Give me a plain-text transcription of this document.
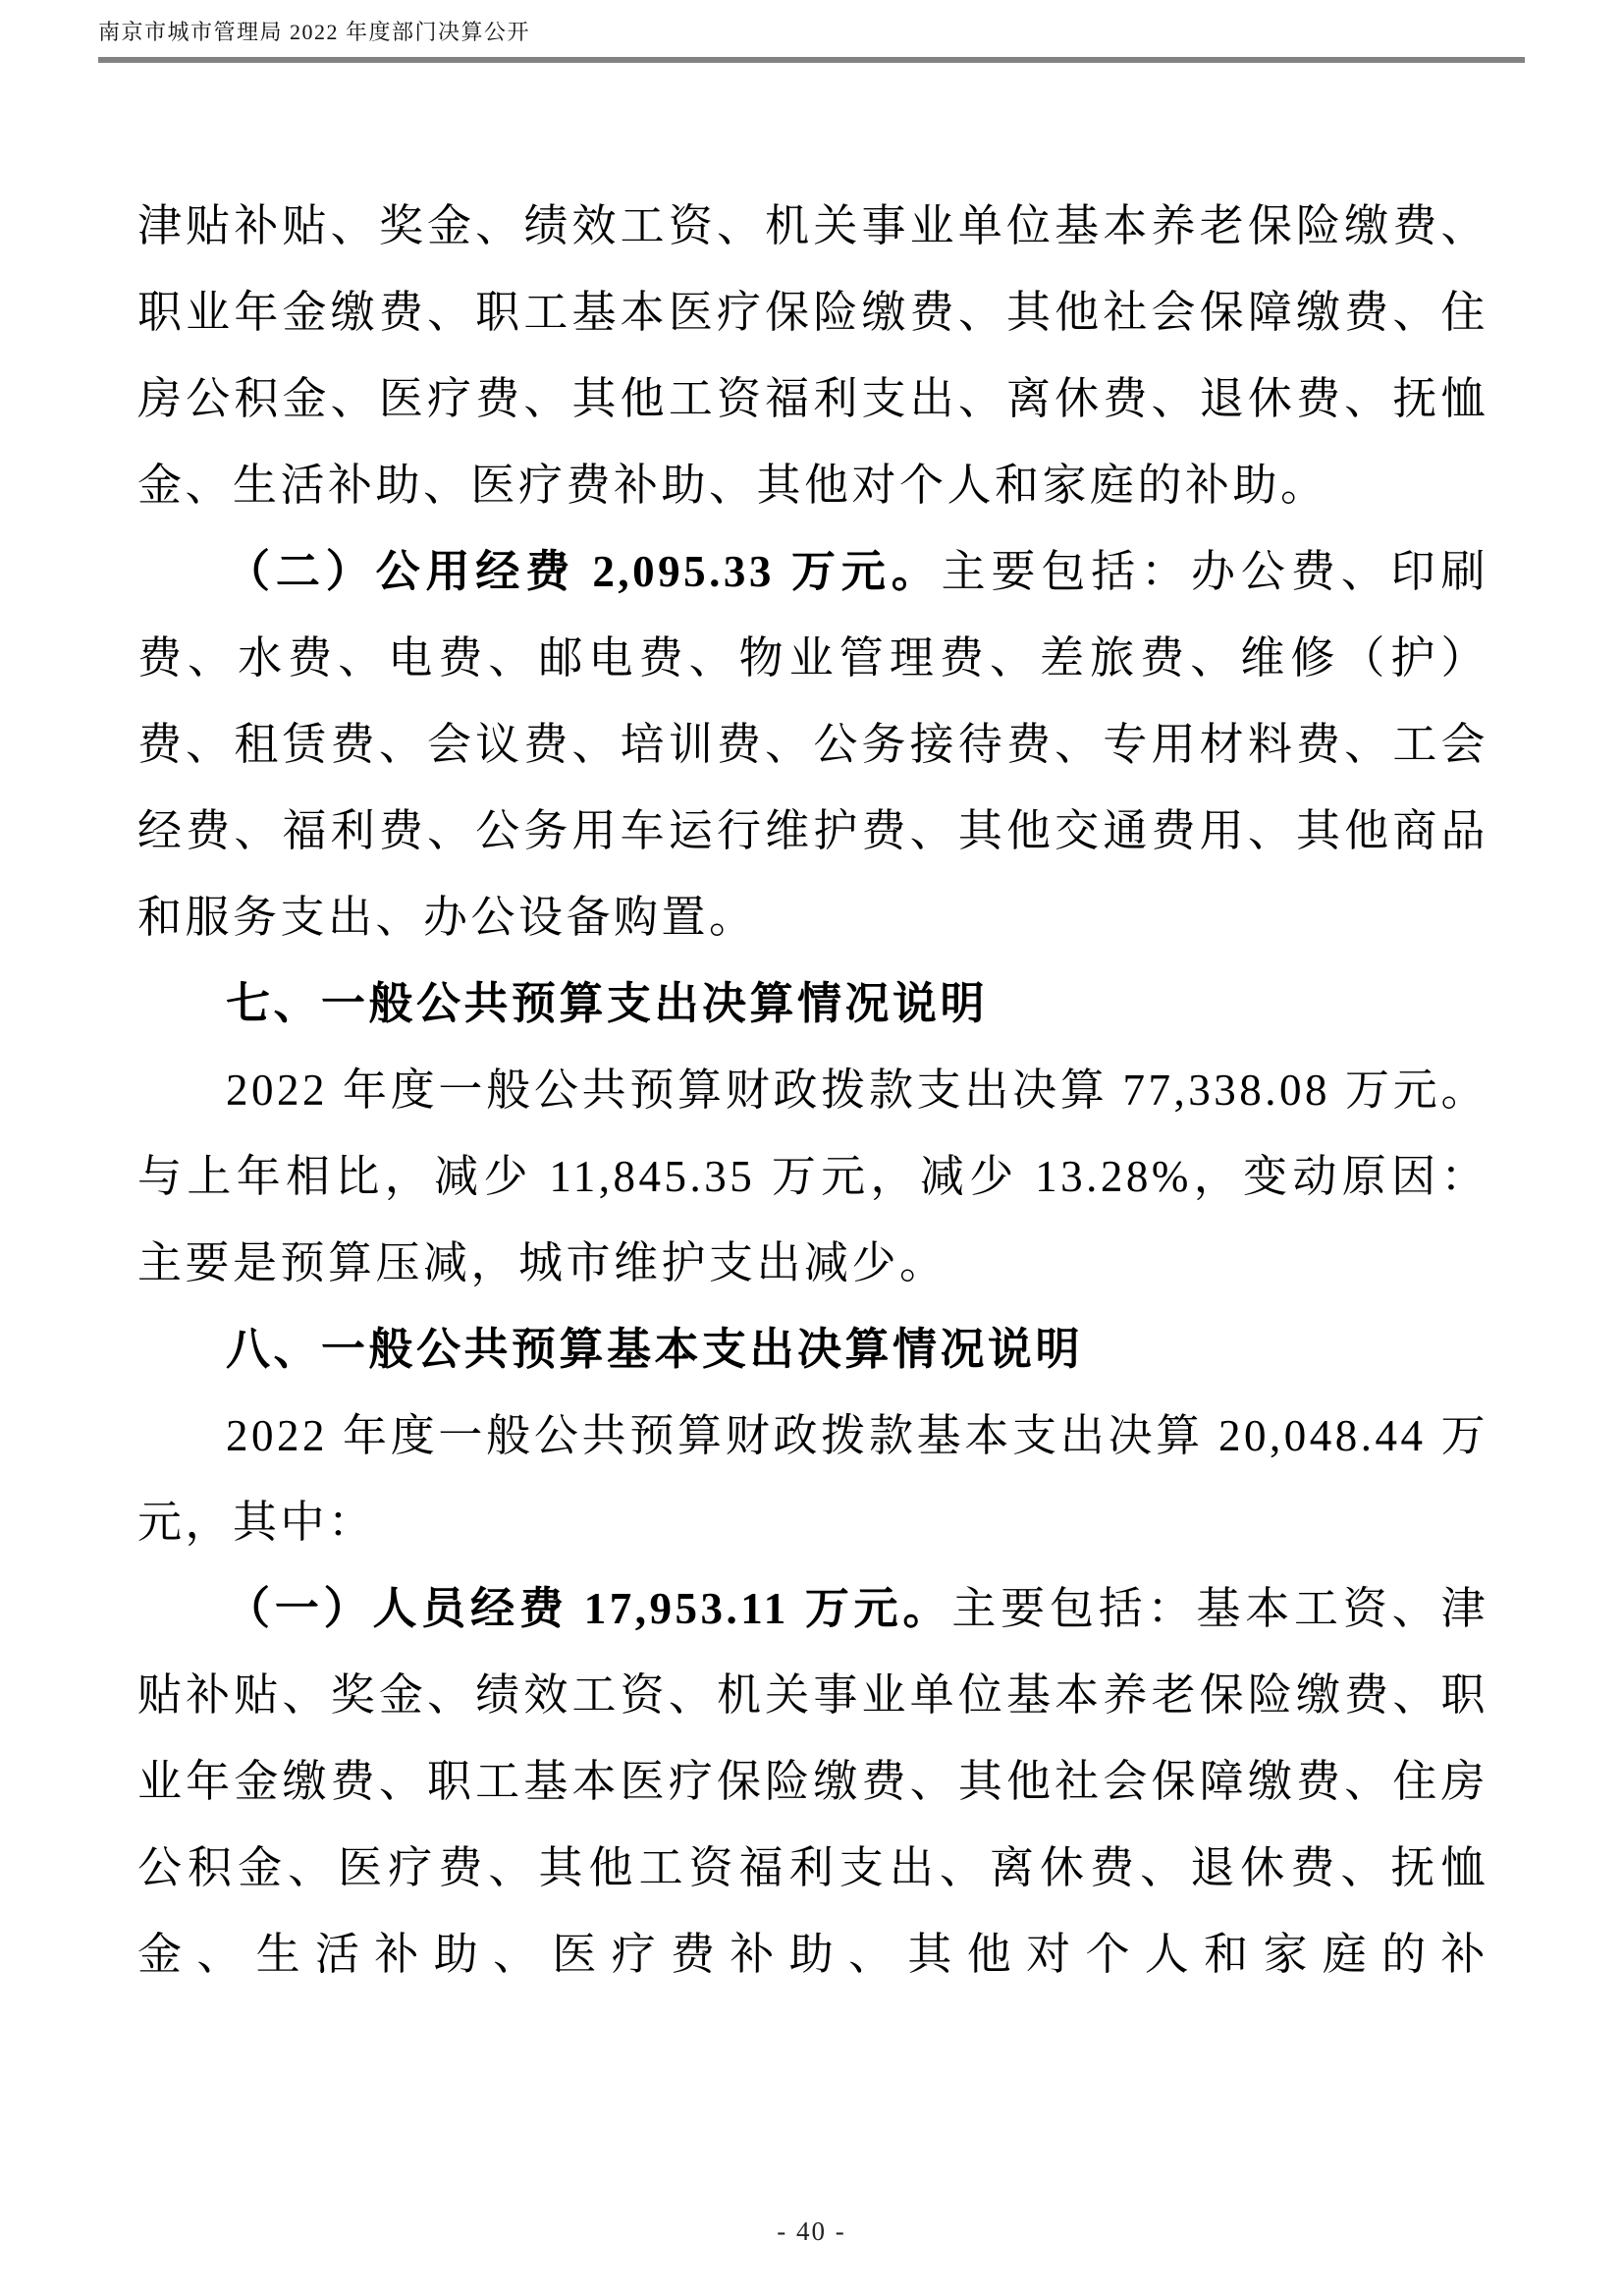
南京市城市管理局 2022 年度部门决算公开
津贴补贴、奖金、绩效工资、机关事业单位基本养老保险缴费、职业年金缴费、职工基本医疗保险缴费、其他社会保障缴费、住房公积金、医疗费、其他工资福利支出、离休费、退休费、抚恤金、生活补助、医疗费补助、其他对个人和家庭的补助。
（二）公用经费 2,095.33 万元。主要包括：办公费、印刷费、水费、电费、邮电费、物业管理费、差旅费、维修（护）费、租赁费、会议费、培训费、公务接待费、专用材料费、工会经费、福利费、公务用车运行维护费、其他交通费用、其他商品和服务支出、办公设备购置。
七、一般公共预算支出决算情况说明
2022 年度一般公共预算财政拨款支出决算 77,338.08 万元。与上年相比，减少 11,845.35 万元，减少 13.28%，变动原因：主要是预算压减，城市维护支出减少。
八、一般公共预算基本支出决算情况说明
2022 年度一般公共预算财政拨款基本支出决算 20,048.44 万元，其中：
（一）人员经费 17,953.11 万元。主要包括：基本工资、津贴补贴、奖金、绩效工资、机关事业单位基本养老保险缴费、职业年金缴费、职工基本医疗保险缴费、其他社会保障缴费、住房公积金、医疗费、其他工资福利支出、离休费、退休费、抚恤金、生活补助、医疗费补助、其他对个人和家庭的补
- 40 -
